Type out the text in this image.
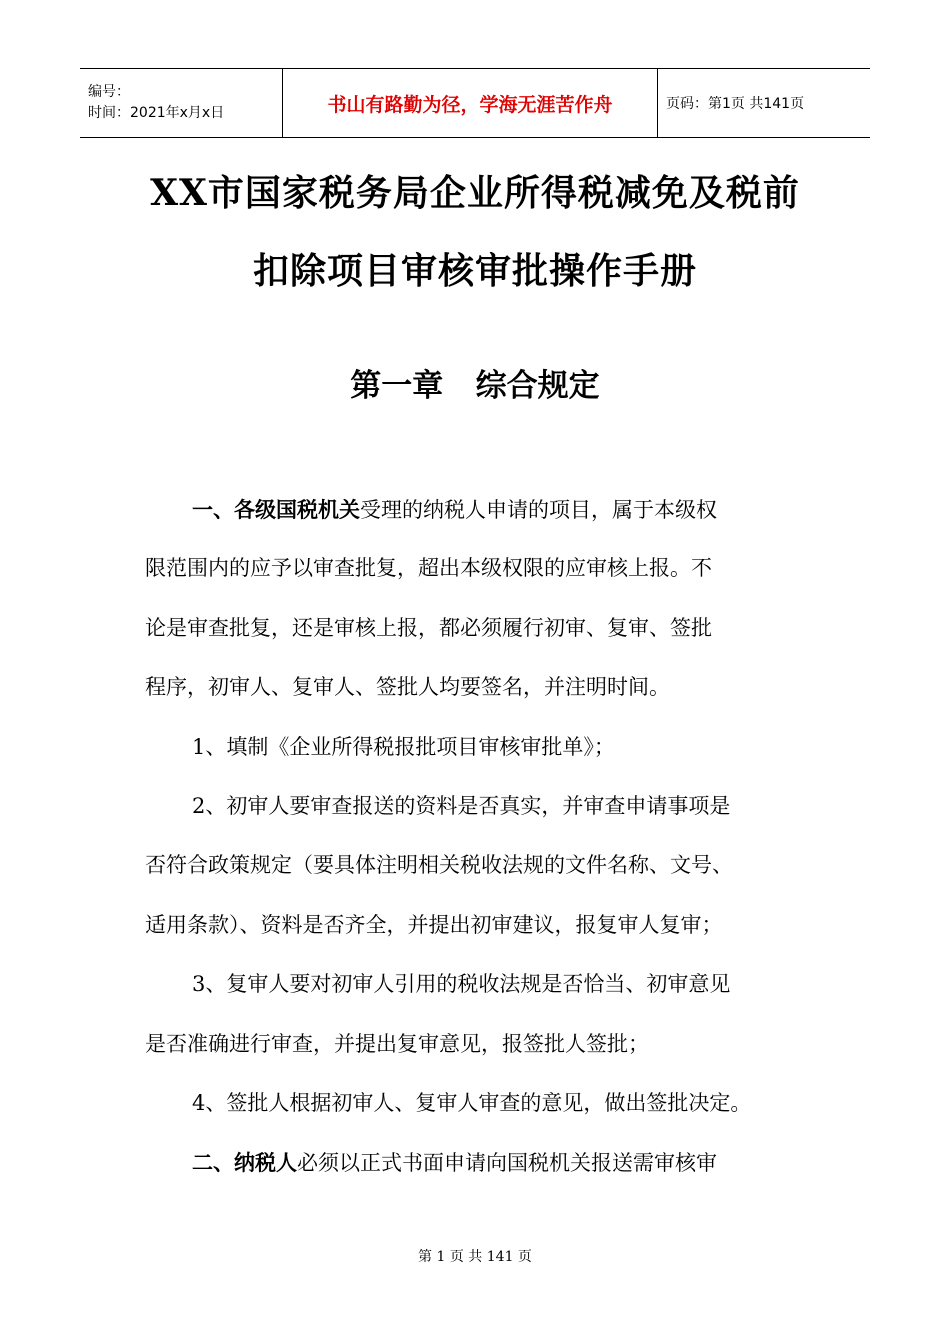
编号：
时间：2021年x月x日	书山有路勤为径，学海无涯苦作舟	页码：第1页 共141页
XX市国家税务局企业所得税减免及税前
扣除项目审核审批操作手册
第一章   综合规定
一、各级国税机关受理的纳税人申请的项目，属于本级权
限范围内的应予以审查批复，超出本级权限的应审核上报。不
论是审查批复，还是审核上报，都必须履行初审、复审、签批
程序，初审人、复审人、签批人均要签名，并注明时间。
1、填制《企业所得税报批项目审核审批单》；
2、初审人要审查报送的资料是否真实，并审查申请事项是
否符合政策规定（要具体注明相关税收法规的文件名称、文号、
适用条款）、资料是否齐全，并提出初审建议，报复审人复审；
3、复审人要对初审人引用的税收法规是否恰当、初审意见
是否准确进行审查，并提出复审意见，报签批人签批；
4、签批人根据初审人、复审人审查的意见，做出签批决定。
二、纳税人必须以正式书面申请向国税机关报送需审核审
第 1 页 共 141 页
